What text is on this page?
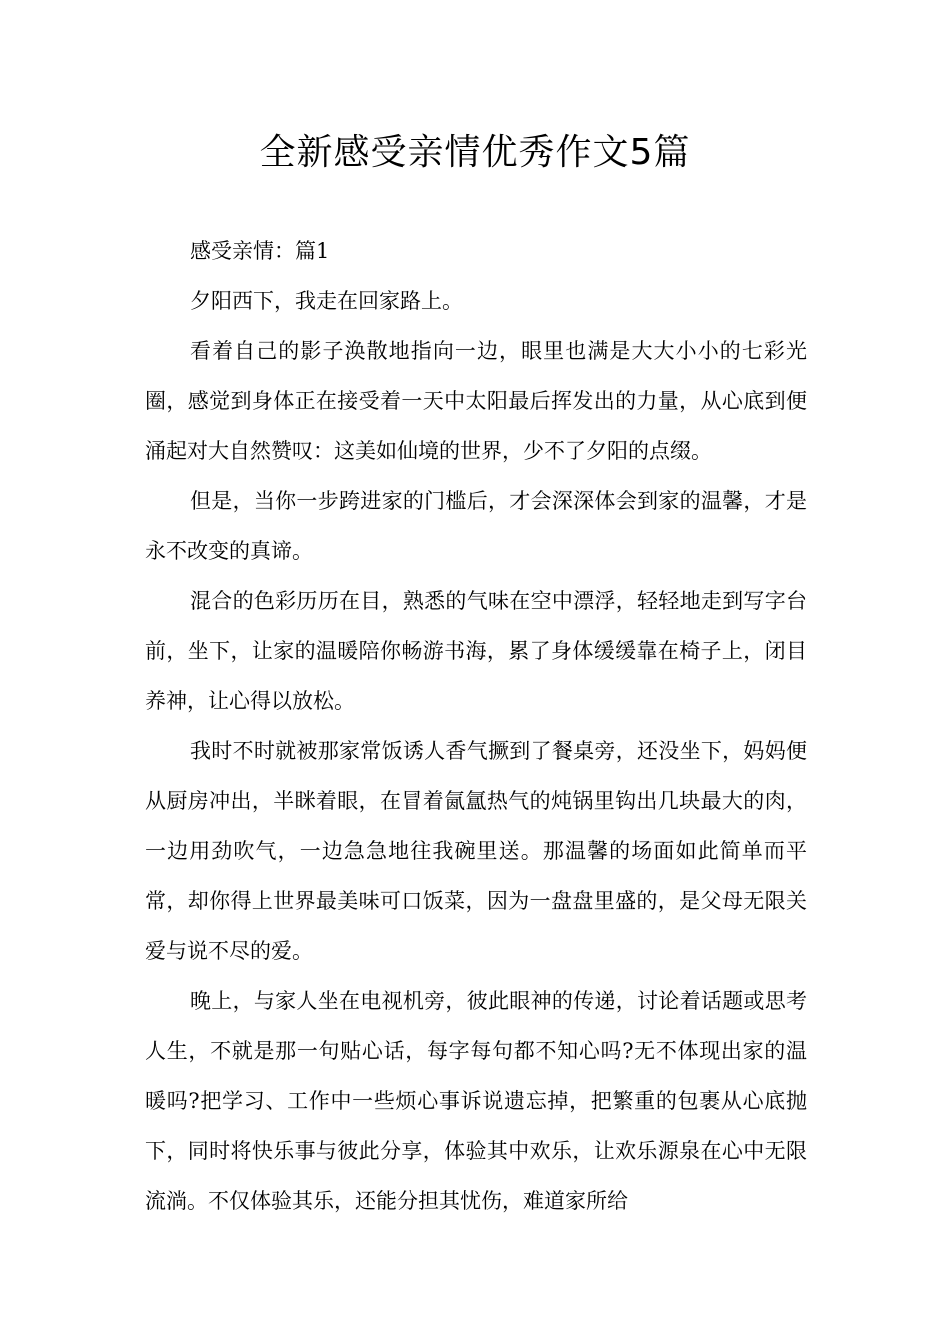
全新感受亲情优秀作文5篇

感受亲情：篇1

夕阳西下，我走在回家路上。

看着自己的影子涣散地指向一边，眼里也满是大大小小的七彩光圈，感觉到身体正在接受着一天中太阳最后挥发出的力量，从心底到便涌起对大自然赞叹：这美如仙境的世界，少不了夕阳的点缀。

但是，当你一步跨进家的门槛后，才会深深体会到家的温馨，才是永不改变的真谛。

混合的色彩历历在目，熟悉的气味在空中漂浮，轻轻地走到写字台前，坐下，让家的温暖陪你畅游书海，累了身体缓缓靠在椅子上，闭目养神，让心得以放松。

我时不时就被那家常饭诱人香气撅到了餐桌旁，还没坐下，妈妈便从厨房冲出，半眯着眼，在冒着氤氲热气的炖锅里钩出几块最大的肉，一边用劲吹气，一边急急地往我碗里送。那温馨的场面如此简单而平常，却你得上世界最美味可口饭菜，因为一盘盘里盛的，是父母无限关爱与说不尽的爱。

晚上，与家人坐在电视机旁，彼此眼神的传递，讨论着话题或思考人生，不就是那一句贴心话，每字每句都不知心吗?无不体现出家的温暖吗?把学习、工作中一些烦心事诉说遗忘掉，把繁重的包裹从心底抛下，同时将快乐事与彼此分享，体验其中欢乐，让欢乐源泉在心中无限流淌。不仅体验其乐，还能分担其忧伤，难道家所给
